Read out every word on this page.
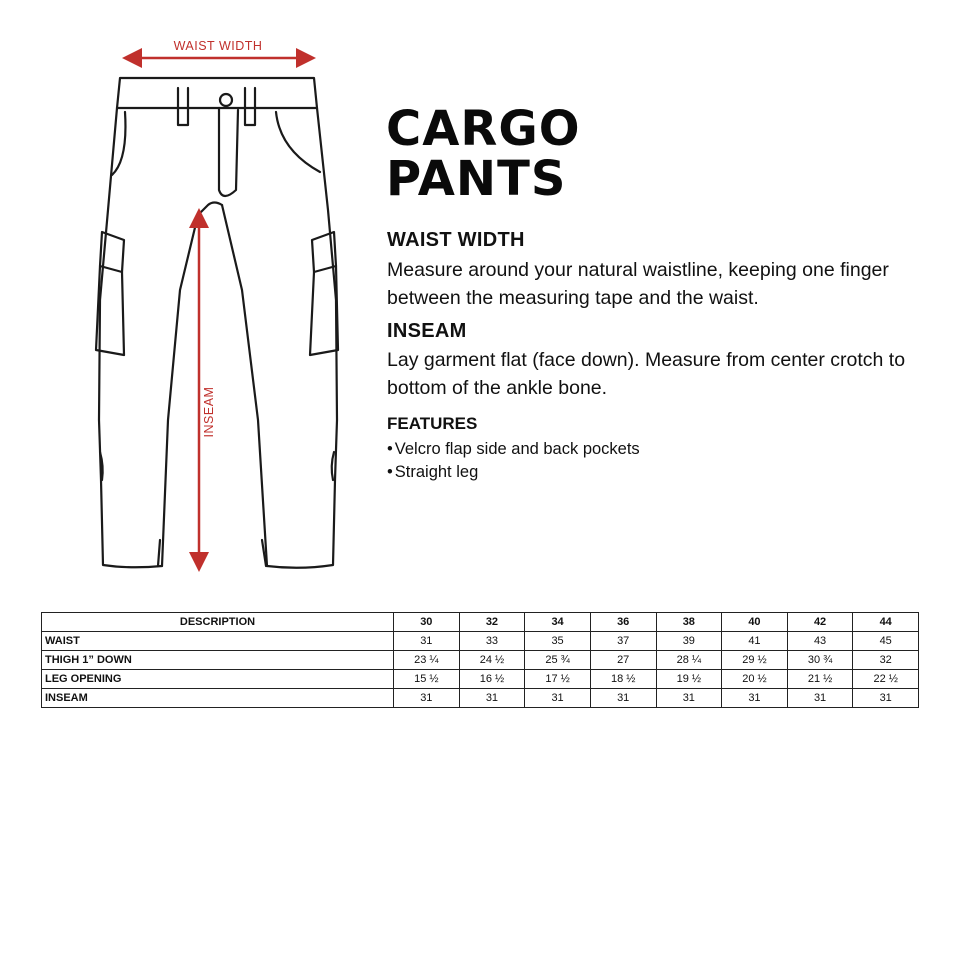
WAIST WIDTH
INSEAM
CARGO
PANTS
WAIST WIDTH

Measure around your natural waistline, keeping one finger between the measuring tape and the waist.

INSEAM

Lay garment flat (face down). Measure from center crotch to bottom of the ankle bone.

FEATURES
• Velcro flap side and back pockets
• Straight leg
DESCRIPTION	30	32	34	36	38	40	42	44
WAIST	31	33	35	37	39	41	43	45
THIGH 1” DOWN	23 ¼	24 ½	25 ¾	27	28 ¼	29 ½	30 ¾	32
LEG OPENING	15 ½	16 ½	17 ½	18 ½	19 ½	20 ½	21 ½	22 ½
INSEAM	31	31	31	31	31	31	31	31
